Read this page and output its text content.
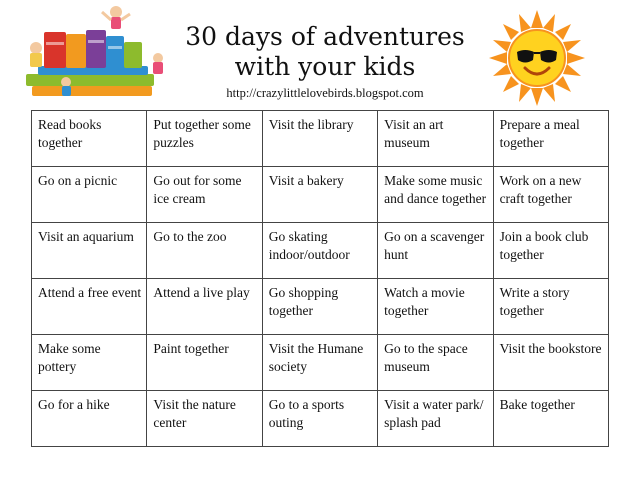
30 days of adventures
with your kids
http://crazylittlelovebirds.blogspot.com
Read books together	Put together some puzzles	Visit the library	Visit an art museum	Prepare a meal together
Go on a picnic	Go out for some ice cream	Visit a bakery	Make some music and dance together	Work on a new craft together
Visit an aquarium	Go to the zoo	Go skating indoor/outdoor	Go on a scavenger hunt	Join a book club together
Attend a free event	Attend a live play	Go shopping together	Watch a movie together	Write a story together
Make some pottery	Paint together	Visit the Humane society	Go to the space museum	Visit the bookstore
Go for a hike	Visit the nature center	Go to a sports outing	Visit a water park/ splash pad	Bake together
